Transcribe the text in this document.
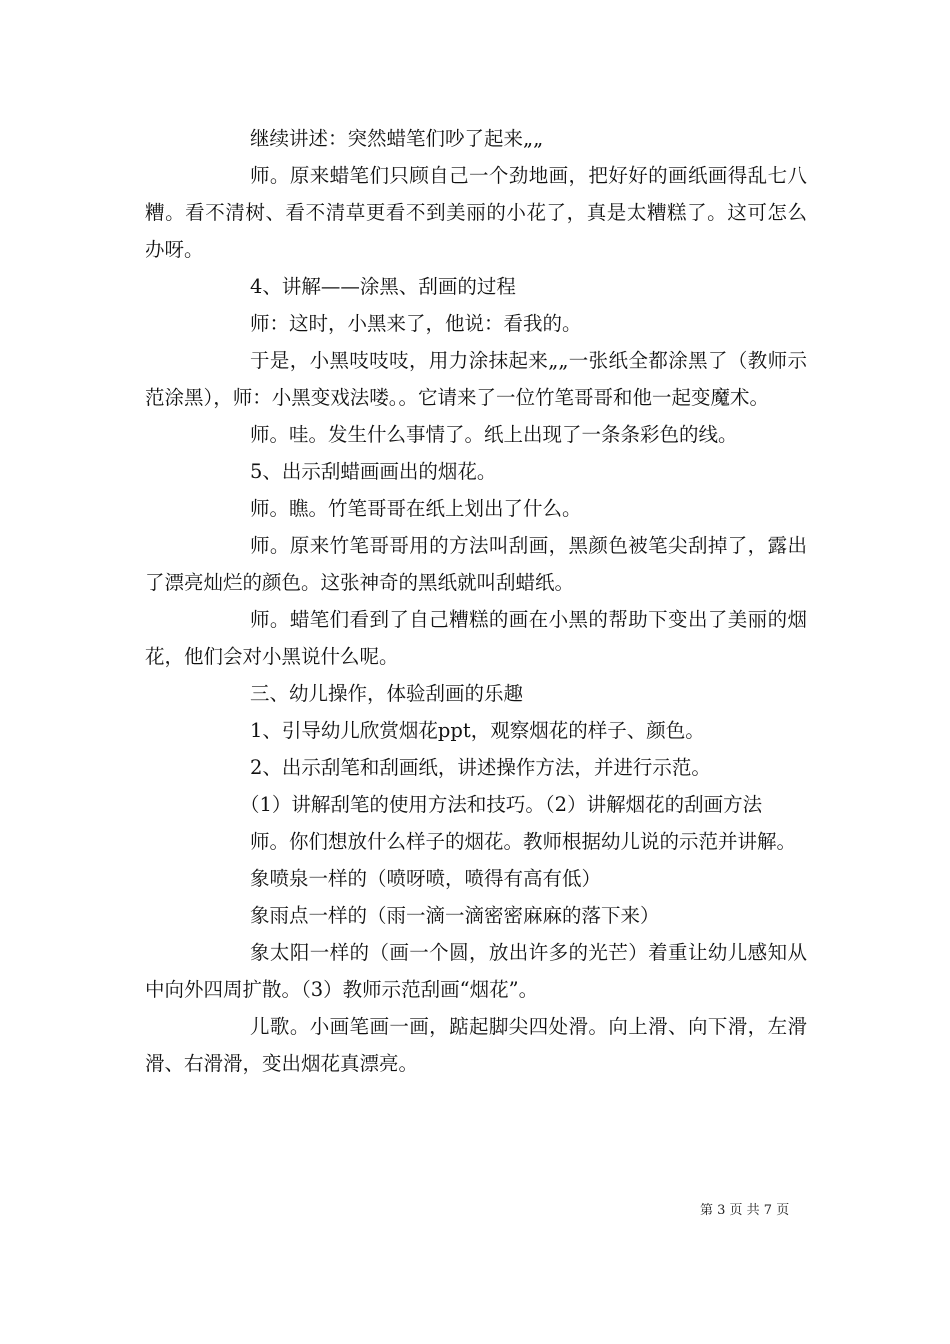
继续讲述：突然蜡笔们吵了起来„„

师。原来蜡笔们只顾自己一个劲地画，把好好的画纸画得乱七八糟。看不清树、看不清草更看不到美丽的小花了，真是太糟糕了。这可怎么办呀。

4、讲解——涂黑、刮画的过程

师：这时，小黑来了，他说：看我的。

于是，小黑吱吱吱，用力涂抹起来„„一张纸全都涂黑了（教师示范涂黑），师：小黑变戏法喽。。它请来了一位竹笔哥哥和他一起变魔术。

师。哇。发生什么事情了。纸上出现了一条条彩色的线。

5、出示刮蜡画画出的烟花。

师。瞧。竹笔哥哥在纸上划出了什么。

师。原来竹笔哥哥用的方法叫刮画，黑颜色被笔尖刮掉了，露出了漂亮灿烂的颜色。这张神奇的黑纸就叫刮蜡纸。

师。蜡笔们看到了自己糟糕的画在小黑的帮助下变出了美丽的烟花，他们会对小黑说什么呢。

三、幼儿操作，体验刮画的乐趣

1、引导幼儿欣赏烟花ppt，观察烟花的样子、颜色。

2、出示刮笔和刮画纸，讲述操作方法，并进行示范。

（1）讲解刮笔的使用方法和技巧。（2）讲解烟花的刮画方法

师。你们想放什么样子的烟花。教师根据幼儿说的示范并讲解。

象喷泉一样的（喷呀喷，喷得有高有低）

象雨点一样的（雨一滴一滴密密麻麻的落下来）

象太阳一样的（画一个圆，放出许多的光芒）着重让幼儿感知从中向外四周扩散。（3）教师示范刮画“烟花”。

儿歌。小画笔画一画，踮起脚尖四处滑。向上滑、向下滑，左滑滑、右滑滑，变出烟花真漂亮。

第 3 页 共 7 页
